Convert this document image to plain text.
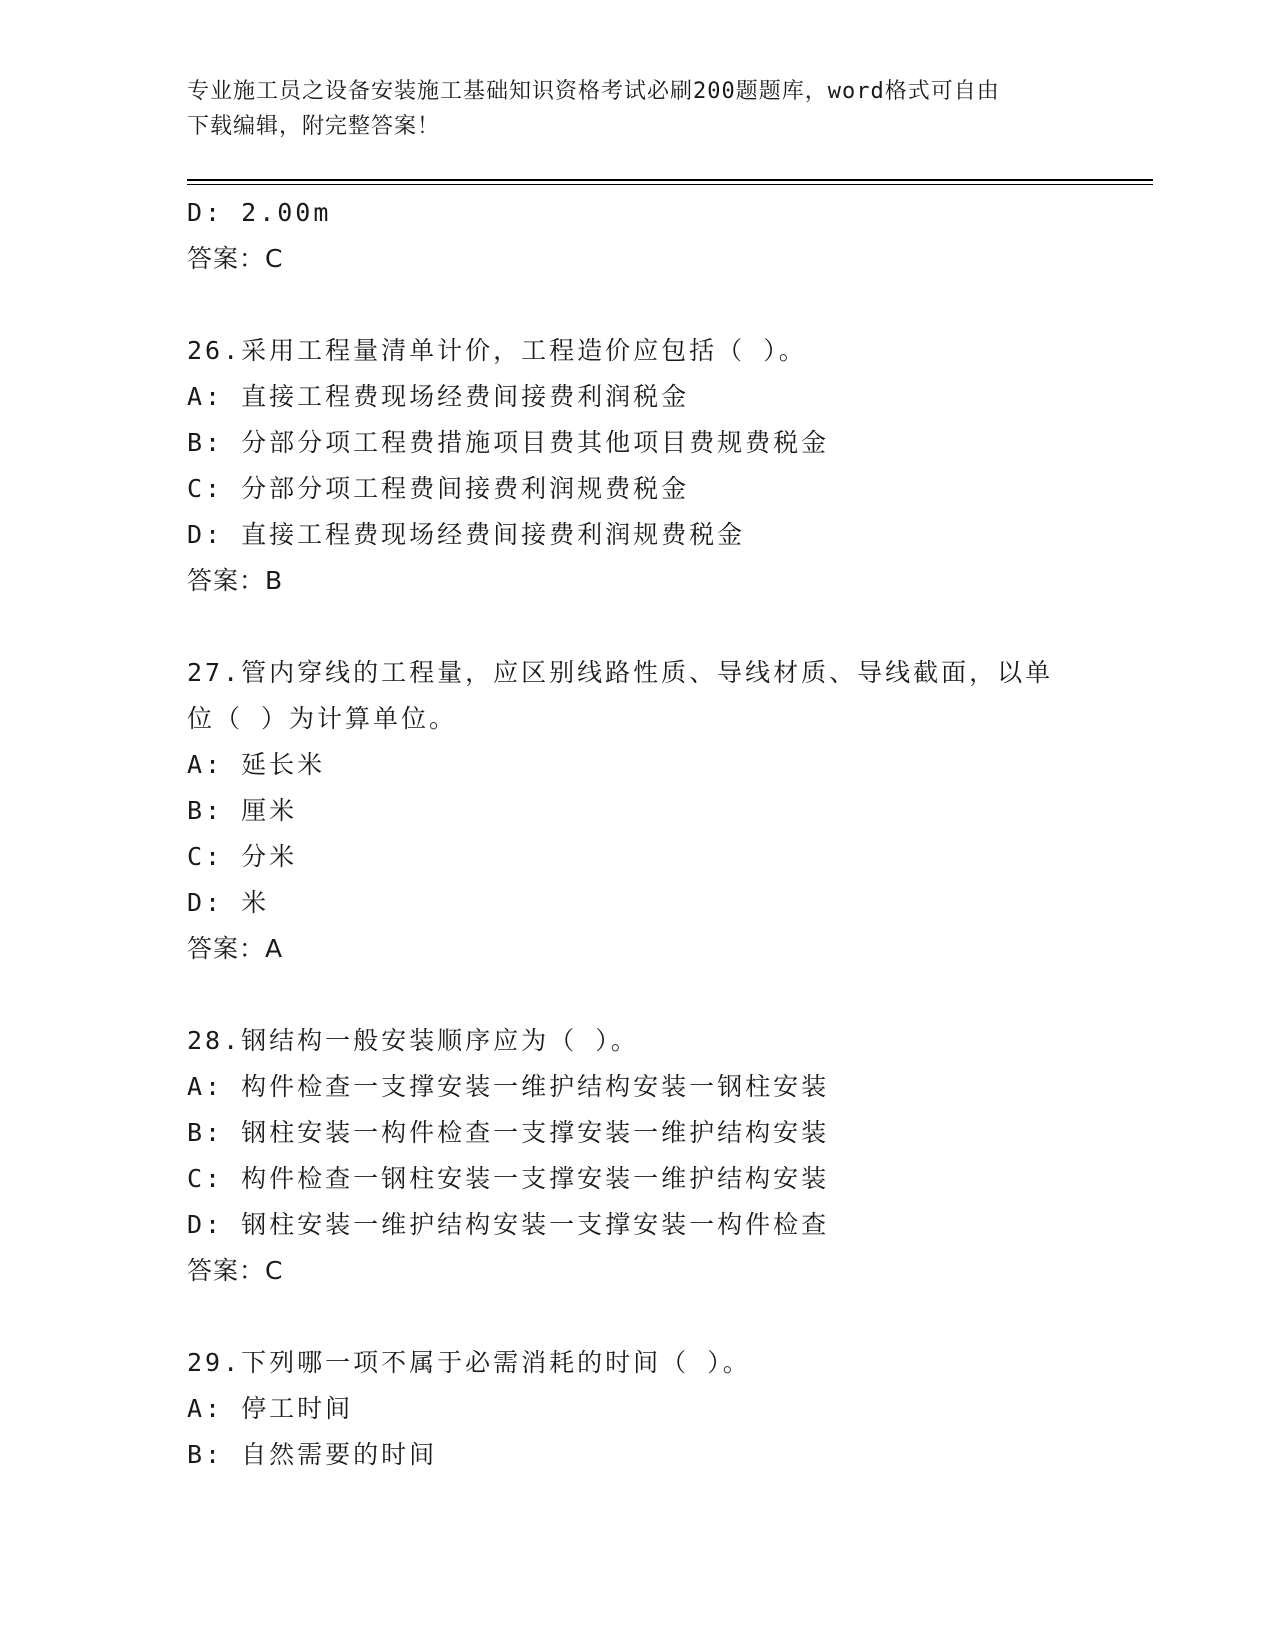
专业施工员之设备安装施工基础知识资格考试必刷200题题库，word格式可自由
下载编辑，附完整答案！
D: 2.00m
答案：C
26.采用工程量清单计价，工程造价应包括（ ）。
A: 直接工程费现场经费间接费利润税金
B: 分部分项工程费措施项目费其他项目费规费税金
C: 分部分项工程费间接费利润规费税金
D: 直接工程费现场经费间接费利润规费税金
答案：B
27.管内穿线的工程量，应区别线路性质、导线材质、导线截面，以单
位（ ）为计算单位。
A: 延长米
B: 厘米
C: 分米
D: 米
答案：A
28.钢结构一般安装顺序应为（ ）。
A: 构件检查一支撑安装一维护结构安装一钢柱安装
B: 钢柱安装一构件检查一支撑安装一维护结构安装
C: 构件检查一钢柱安装一支撑安装一维护结构安装
D: 钢柱安装一维护结构安装一支撑安装一构件检查
答案：C
29.下列哪一项不属于必需消耗的时间（ ）。
A: 停工时间
B: 自然需要的时间
